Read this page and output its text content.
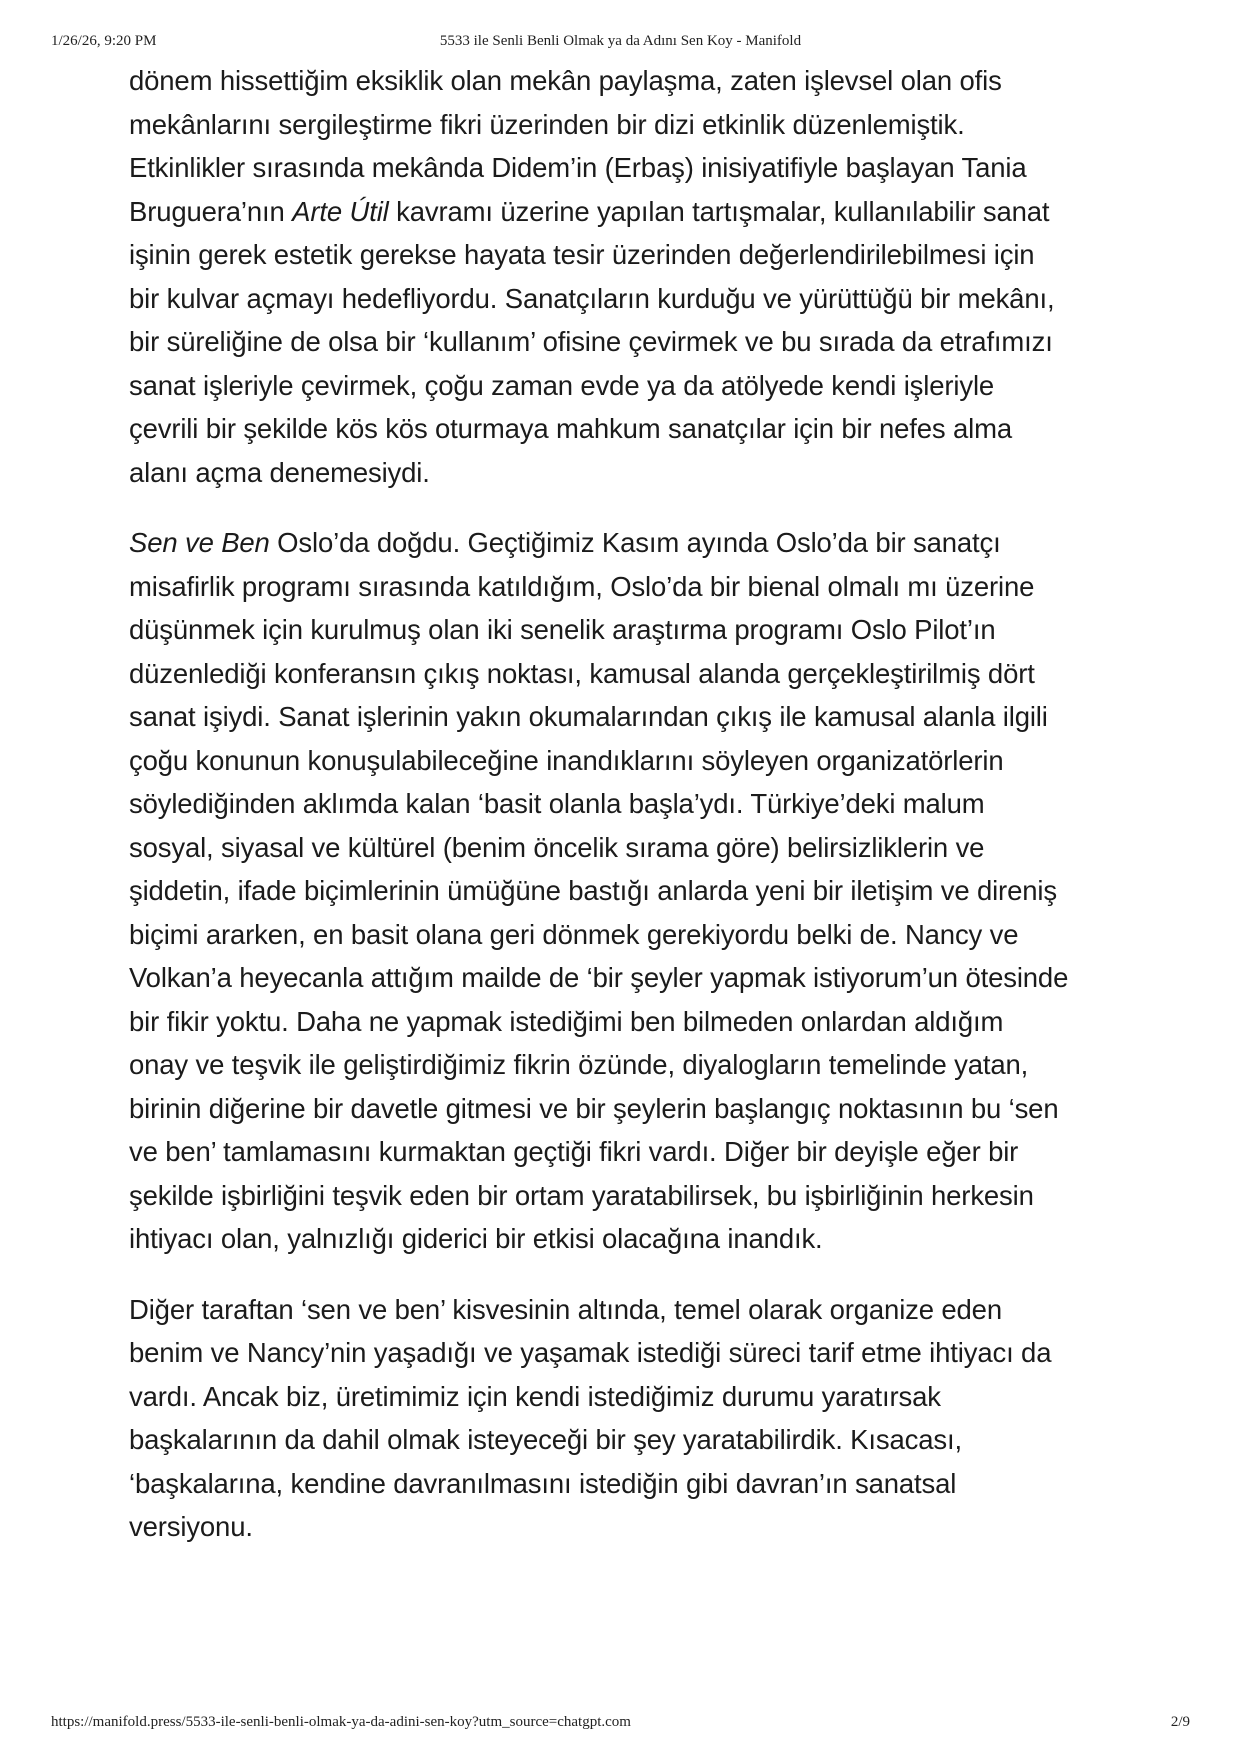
1/26/26, 9:20 PM	5533 ile Senli Benli Olmak ya da Adını Sen Koy - Manifold

dönem hissettiğim eksiklik olan mekân paylaşma, zaten işlevsel olan ofis mekânlarını sergileştirme fikri üzerinden bir dizi etkinlik düzenlemiştik. Etkinlikler sırasında mekânda Didem’in (Erbaş) inisiyatifiyle başlayan Tania Bruguera’nın Arte Útil kavramı üzerine yapılan tartışmalar, kullanılabilir sanat işinin gerek estetik gerekse hayata tesir üzerinden değerlendirilebilmesi için bir kulvar açmayı hedefliyordu. Sanatçıların kurduğu ve yürüttüğü bir mekânı, bir süreliğine de olsa bir ‘kullanım’ ofisine çevirmek ve bu sırada da etrafımızı sanat işleriyle çevirmek, çoğu zaman evde ya da atölyede kendi işleriyle çevrili bir şekilde kös kös oturmaya mahkum sanatçılar için bir nefes alma alanı açma denemesiydi.

Sen ve Ben Oslo’da doğdu. Geçtiğimiz Kasım ayında Oslo’da bir sanatçı misafirlik programı sırasında katıldığım, Oslo’da bir bienal olmalı mı üzerine düşünmek için kurulmuş olan iki senelik araştırma programı Oslo Pilot’ın düzenlediği konferansın çıkış noktası, kamusal alanda gerçekleştirilmiş dört sanat işiydi. Sanat işlerinin yakın okumalarından çıkış ile kamusal alanla ilgili çoğu konunun konuşulabileceğine inandıklarını söyleyen organizatörlerin söylediğinden aklımda kalan ‘basit olanla başla’ydı. Türkiye’deki malum sosyal, siyasal ve kültürel (benim öncelik sırama göre) belirsizliklerin ve şiddetin, ifade biçimlerinin ümüğüne bastığı anlarda yeni bir iletişim ve direniş biçimi ararken, en basit olana geri dönmek gerekiyordu belki de. Nancy ve Volkan’a heyecanla attığım mailde de ‘bir şeyler yapmak istiyorum’un ötesinde bir fikir yoktu. Daha ne yapmak istediğimi ben bilmeden onlardan aldığım onay ve teşvik ile geliştirdiğimiz fikrin özünde, diyalogların temelinde yatan, birinin diğerine bir davetle gitmesi ve bir şeylerin başlangıç noktasının bu ‘sen ve ben’ tamlamasını kurmaktan geçtiği fikri vardı. Diğer bir deyişle eğer bir şekilde işbirliğini teşvik eden bir ortam yaratabilirsek, bu işbirliğinin herkesin ihtiyacı olan, yalnızlığı giderici bir etkisi olacağına inandık.

Diğer taraftan ‘sen ve ben’ kisvesinin altında, temel olarak organize eden benim ve Nancy’nin yaşadığı ve yaşamak istediği süreci tarif etme ihtiyacı da vardı. Ancak biz, üretimimiz için kendi istediğimiz durumu yaratırsak başkalarının da dahil olmak isteyeceği bir şey yaratabilirdik. Kısacası, ‘başkalarına, kendine davranılmasını istediğin gibi davran’ın sanatsal versiyonu.

https://manifold.press/5533-ile-senli-benli-olmak-ya-da-adini-sen-koy?utm_source=chatgpt.com	2/9
